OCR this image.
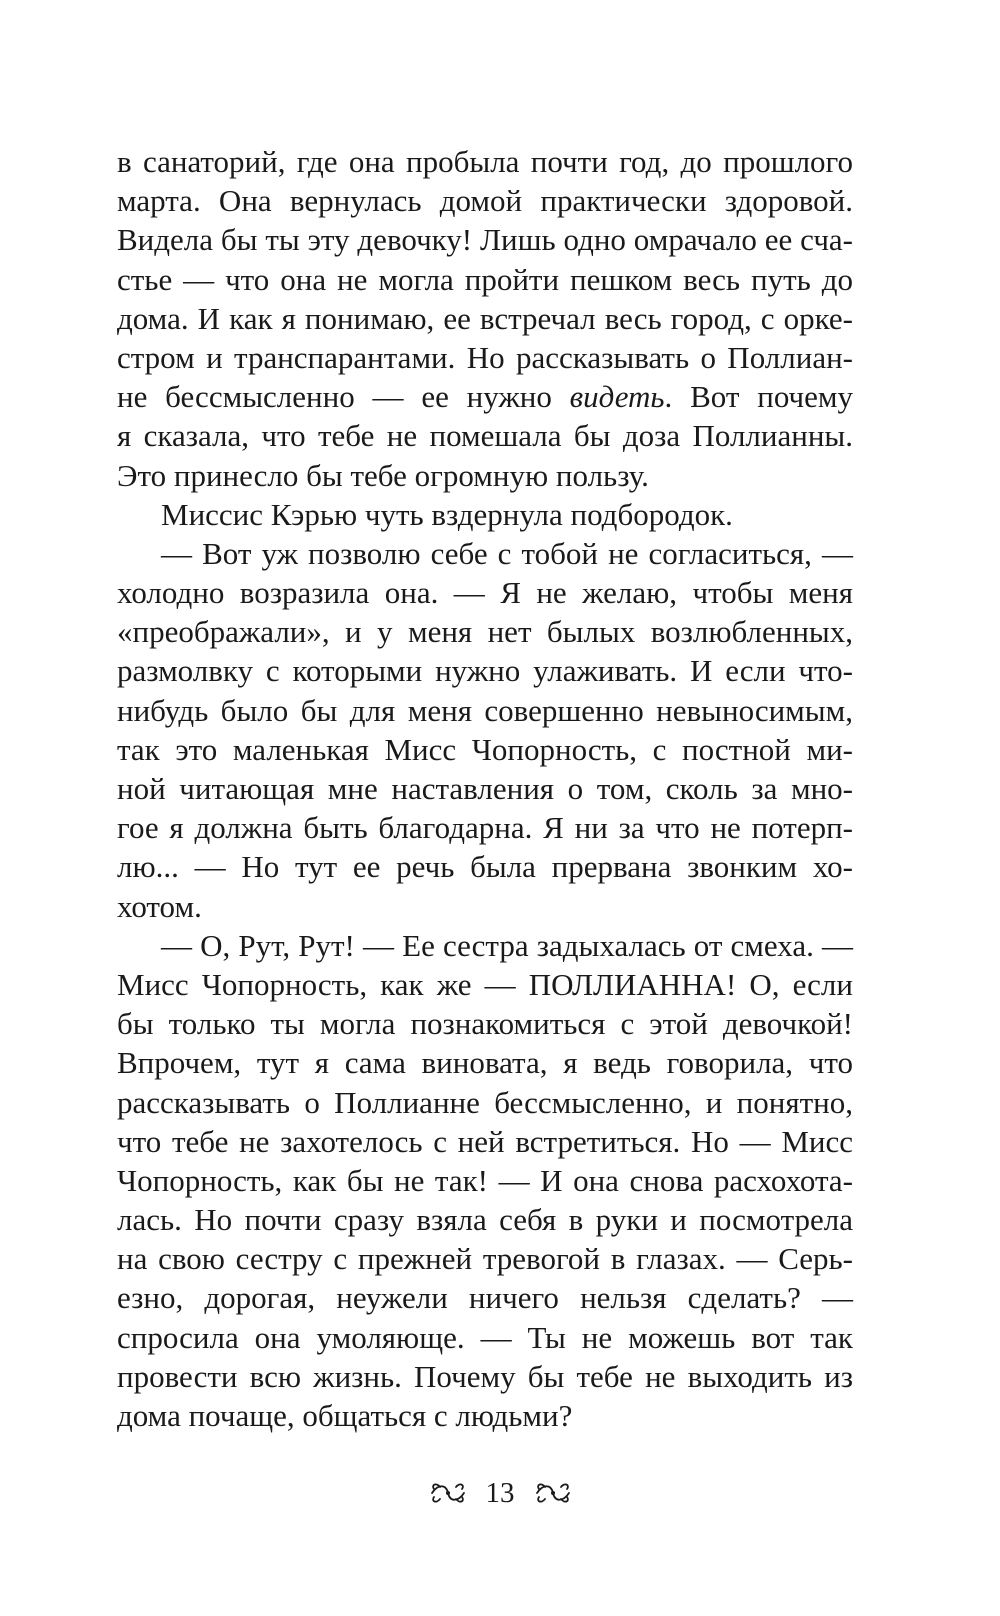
в санаторий, где она пробыла почти год, до прошлого
марта. Она вернулась домой практически здоровой.
Видела бы ты эту девочку! Лишь одно омрачало ее сча-
стье — что она не могла пройти пешком весь путь до
дома. И как я понимаю, ее встречал весь город, с орке-
стром и транспарантами. Но рассказывать о Поллиан-
не бессмысленно — ее нужно видеть. Вот почему
я сказала, что тебе не помешала бы доза Поллианны.
Это принесло бы тебе огромную пользу.
Миссис Кэрью чуть вздернула подбородок.
— Вот уж позволю себе с тобой не согласиться, —
холодно возразила она. — Я не желаю, чтобы меня
«преображали», и у меня нет былых возлюбленных,
размолвку с которыми нужно улаживать. И если что-
нибудь было бы для меня совершенно невыносимым,
так это маленькая Мисс Чопорность, с постной ми-
ной читающая мне наставления о том, сколь за мно-
гое я должна быть благодарна. Я ни за что не потерп-
лю... — Но тут ее речь была прервана звонким хо-
хотом.
— О, Рут, Рут! — Ее сестра задыхалась от смеха. —
Мисс Чопорность, как же — ПОЛЛИАННА! О, если
бы только ты могла познакомиться с этой девочкой!
Впрочем, тут я сама виновата, я ведь говорила, что
рассказывать о Поллианне бессмысленно, и понятно,
что тебе не захотелось с ней встретиться. Но — Мисс
Чопорность, как бы не так! — И она снова расхохота-
лась. Но почти сразу взяла себя в руки и посмотрела
на свою сестру с прежней тревогой в глазах. — Серь-
езно, дорогая, неужели ничего нельзя сделать? —
спросила она умоляюще. — Ты не можешь вот так
провести всю жизнь. Почему бы тебе не выходить из
дома почаще, общаться с людьми?
13
